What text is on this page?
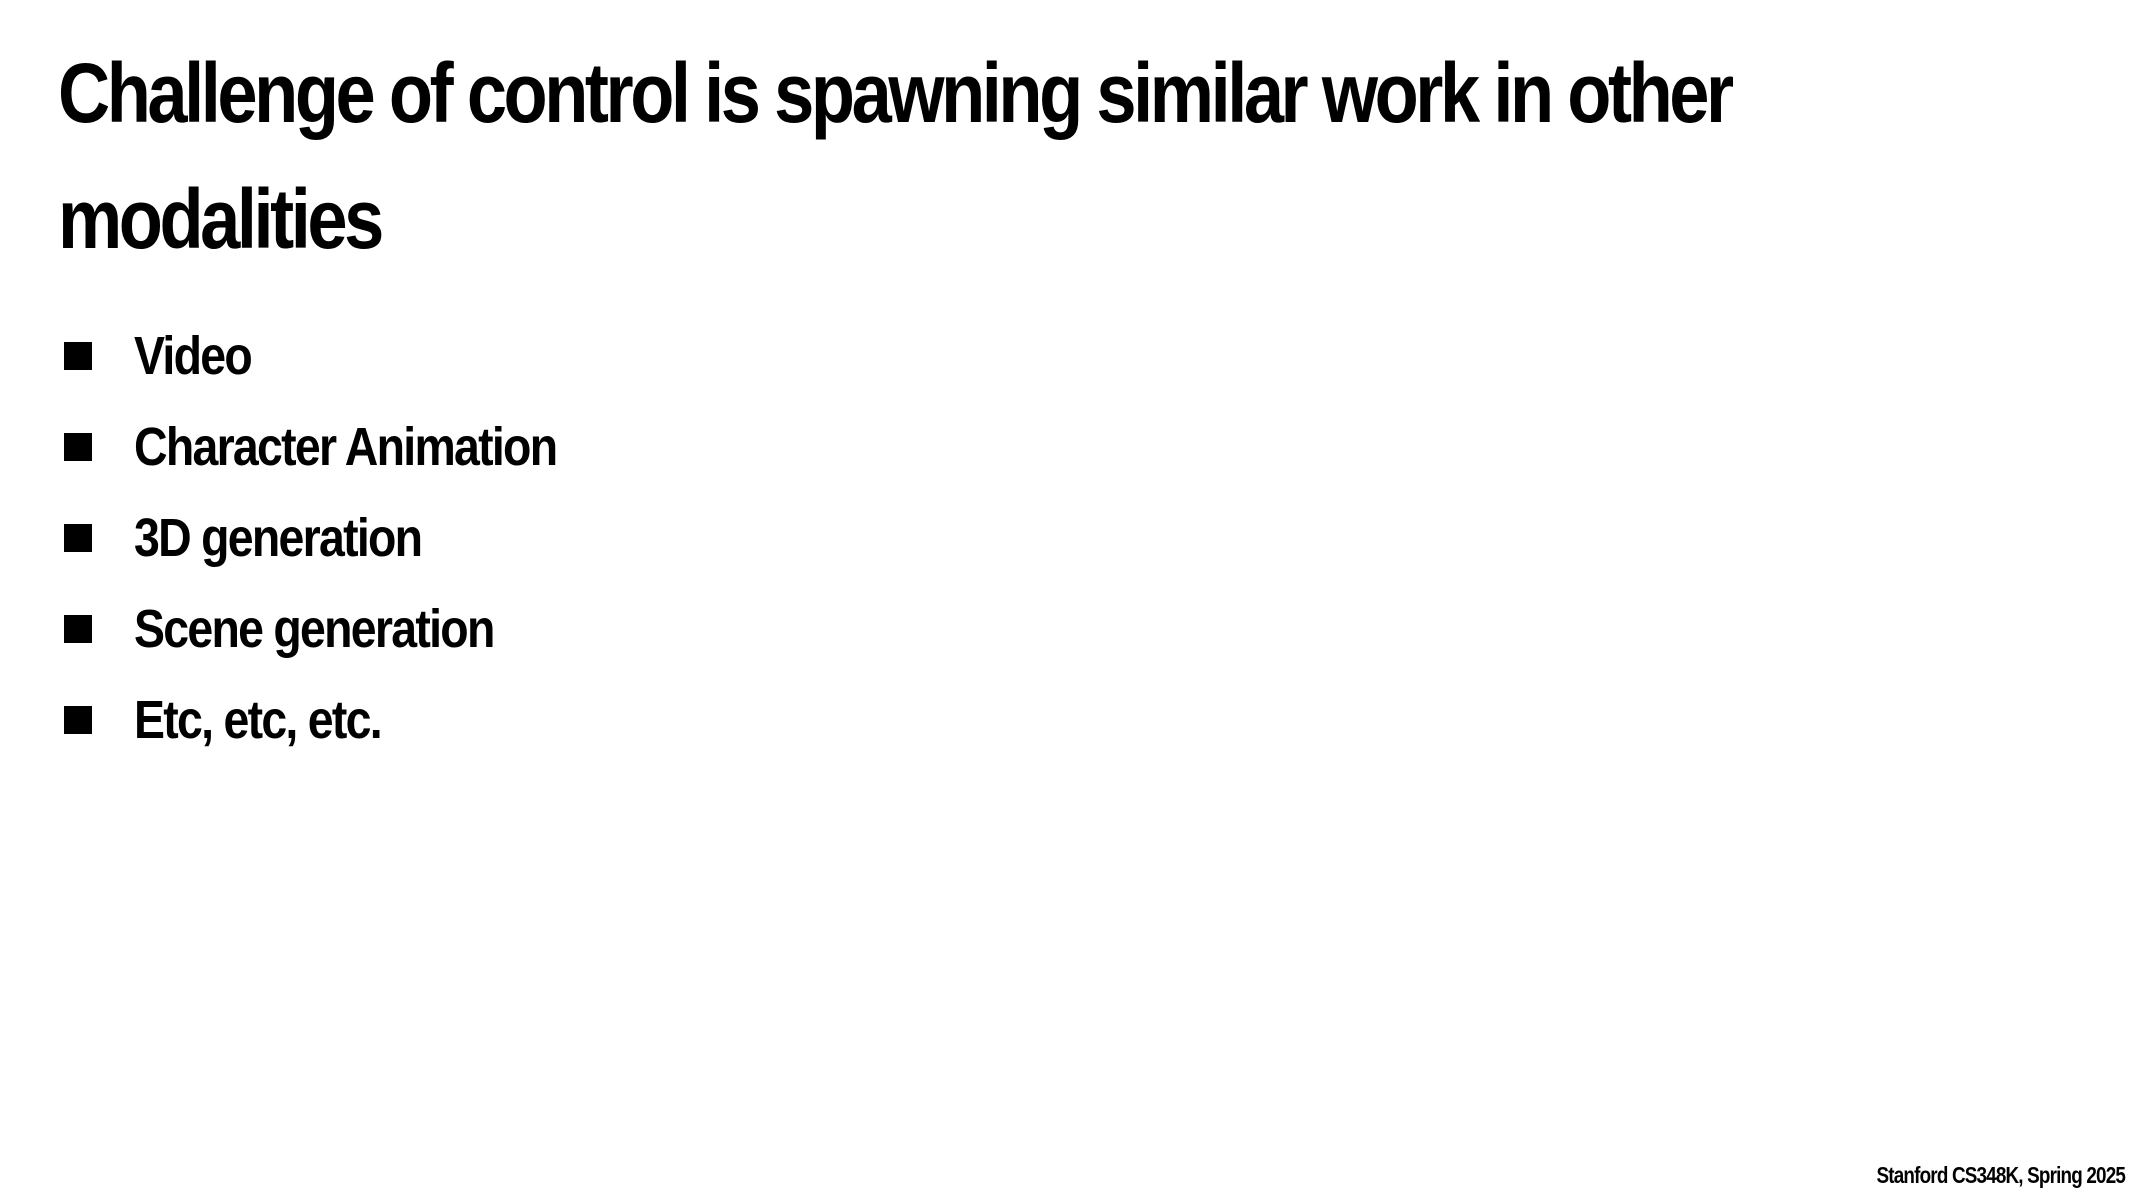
Challenge of control is spawning similar work in other modalities
Video
Character Animation
3D generation
Scene generation
Etc, etc, etc.
Stanford CS348K, Spring 2025
